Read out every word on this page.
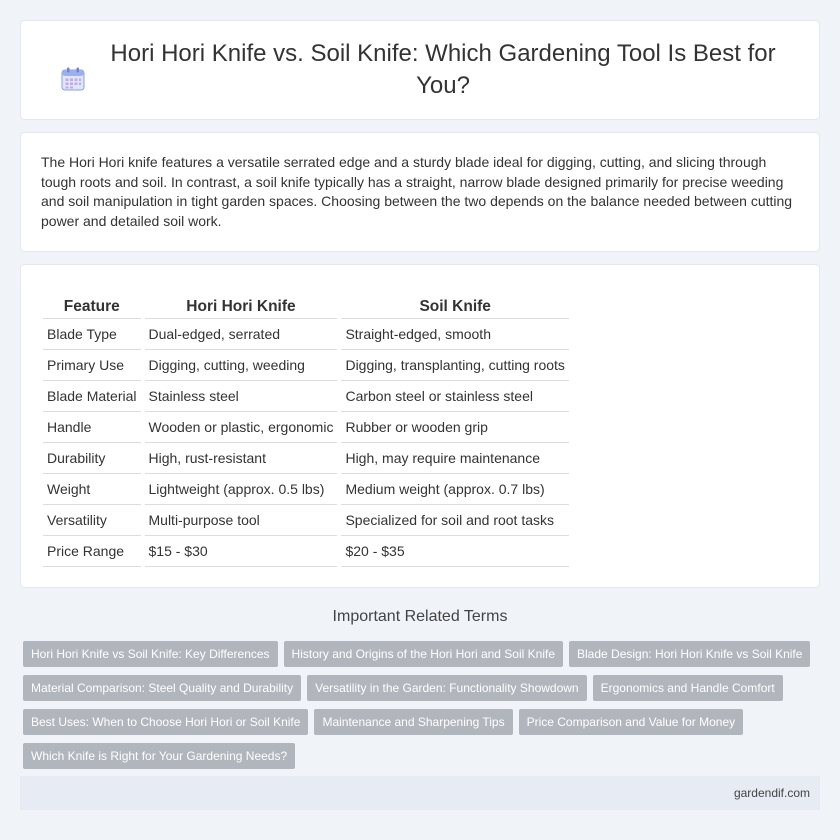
Hori Hori Knife vs. Soil Knife: Which Gardening Tool Is Best for You?

The Hori Hori knife features a versatile serrated edge and a sturdy blade ideal for digging, cutting, and slicing through tough roots and soil. In contrast, a soil knife typically has a straight, narrow blade designed primarily for precise weeding and soil manipulation in tight garden spaces. Choosing between the two depends on the balance needed between cutting power and detailed soil work.

Feature	Hori Hori Knife	Soil Knife
Blade Type	Dual-edged, serrated	Straight-edged, smooth
Primary Use	Digging, cutting, weeding	Digging, transplanting, cutting roots
Blade Material	Stainless steel	Carbon steel or stainless steel
Handle	Wooden or plastic, ergonomic	Rubber or wooden grip
Durability	High, rust-resistant	High, may require maintenance
Weight	Lightweight (approx. 0.5 lbs)	Medium weight (approx. 0.7 lbs)
Versatility	Multi-purpose tool	Specialized for soil and root tasks
Price Range	$15 - $30	$20 - $35
Important Related Terms
Hori Hori Knife vs Soil Knife: Key Differences	History and Origins of the Hori Hori and Soil Knife	Blade Design: Hori Hori Knife vs Soil Knife
Material Comparison: Steel Quality and Durability	Versatility in the Garden: Functionality Showdown	Ergonomics and Handle Comfort
Best Uses: When to Choose Hori Hori or Soil Knife	Maintenance and Sharpening Tips	Price Comparison and Value for Money
Which Knife is Right for Your Gardening Needs?
gardendif.com
